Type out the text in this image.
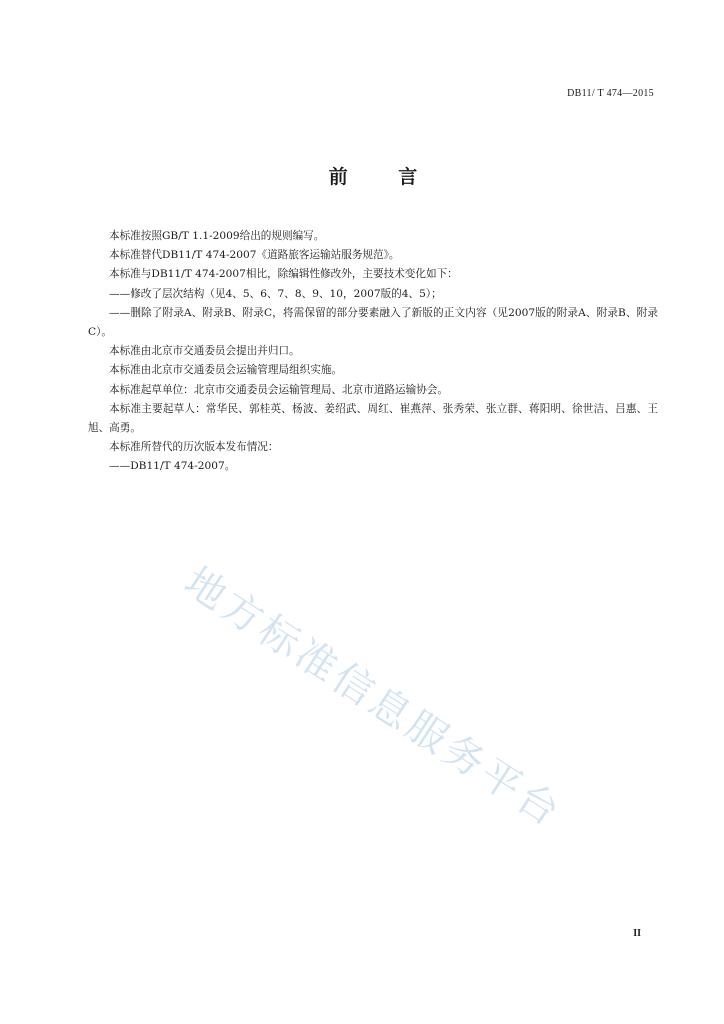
DB11/ T 474—2015
前 言

本标准按照GB/T 1.1-2009给出的规则编写。

本标准替代DB11/T 474-2007《道路旅客运输站服务规范》。

本标准与DB11/T 474-2007相比，除编辑性修改外，主要技术变化如下：

——修改了层次结构（见4、5、6、7、8、9、10，2007版的4、5）；

——删除了附录A、附录B、附录C，将需保留的部分要素融入了新版的正文内容（见2007版的附录A、附录B、附录C）。

本标准由北京市交通委员会提出并归口。

本标准由北京市交通委员会运输管理局组织实施。

本标准起草单位：北京市交通委员会运输管理局、北京市道路运输协会。

本标准主要起草人：常华民、郭桂英、杨波、姜绍武、周红、崔燕萍、张秀荣、张立群、蒋阳明、徐世洁、吕惠、王旭、高勇。

本标准所替代的历次版本发布情况：

——DB11/T 474-2007。

地方标准信息服务平台
II
